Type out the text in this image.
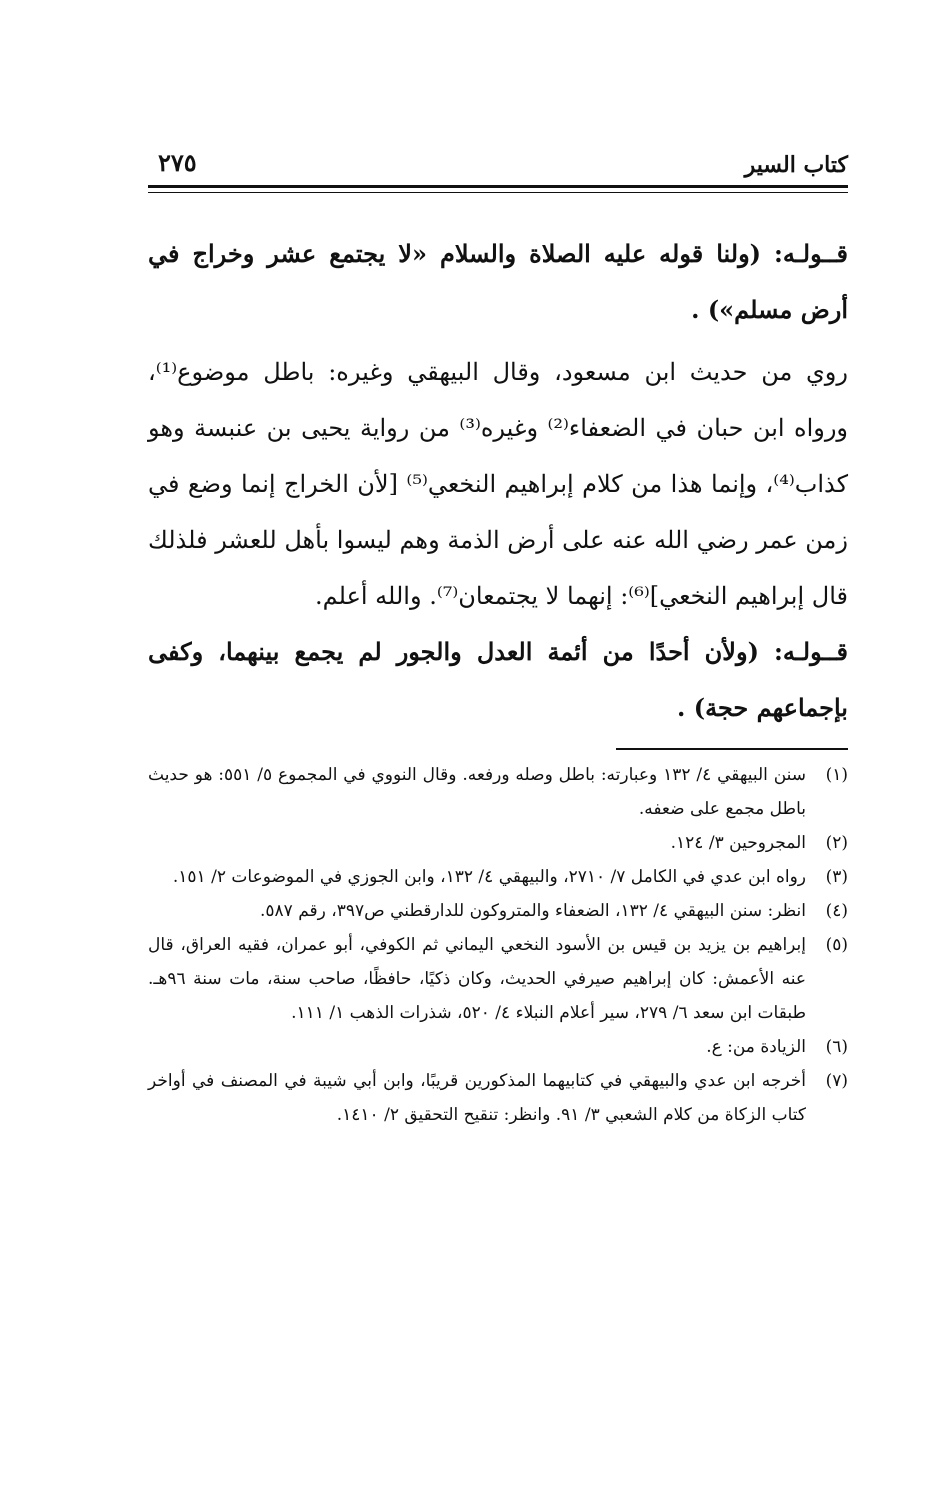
كتاب السير
٢٧٥

قــولـه: (ولنا قوله عليه الصلاة والسلام «لا يجتمع عشر وخراج في أرض مسلم») .

روي من حديث ابن مسعود، وقال البيهقي وغيره: باطل موضوع⁽¹⁾، ورواه ابن حبان في الضعفاء⁽²⁾ وغيره⁽³⁾ من رواية يحيى بن عنبسة وهو كذاب⁽⁴⁾، وإنما هذا من كلام إبراهيم النخعي⁽⁵⁾ [لأن الخراج إنما وضع في زمن عمر رضي الله عنه على أرض الذمة وهم ليسوا بأهل للعشر فلذلك قال إبراهيم النخعي]⁽⁶⁾: إنهما لا يجتمعان⁽⁷⁾. والله أعلم.

قــولـه: (ولأن أحدًا من أئمة العدل والجور لم يجمع بينهما، وكفى بإجماعهم حجة) .

(١)
سنن البيهقي ٤/ ١٣٢ وعبارته: باطل وصله ورفعه. وقال النووي في المجموع ٥/ ٥٥١: هو حديث باطل مجمع على ضعفه.
(٢)
المجروحين ٣/ ١٢٤.
(٣)
رواه ابن عدي في الكامل ٧/ ٢٧١٠، والبيهقي ٤/ ١٣٢، وابن الجوزي في الموضوعات ٢/ ١٥١.
(٤)
انظر: سنن البيهقي ٤/ ١٣٢، الضعفاء والمتروكون للدارقطني ص٣٩٧، رقم ٥٨٧.
(٥)
إبراهيم بن يزيد بن قيس بن الأسود النخعي اليماني ثم الكوفي، أبو عمران، فقيه العراق، قال عنه الأعمش: كان إبراهيم صيرفي الحديث، وكان ذكيًا، حافظًا، صاحب سنة، مات سنة ٩٦هـ. طبقات ابن سعد ٦/ ٢٧٩، سير أعلام النبلاء ٤/ ٥٢٠، شذرات الذهب ١/ ١١١.
(٦)
الزيادة من: ع.
(٧)
أخرجه ابن عدي والبيهقي في كتابيهما المذكورين قريبًا، وابن أبي شيبة في المصنف في أواخر كتاب الزكاة من كلام الشعبي ٣/ ٩١. وانظر: تنقيح التحقيق ٢/ ١٤١٠.
